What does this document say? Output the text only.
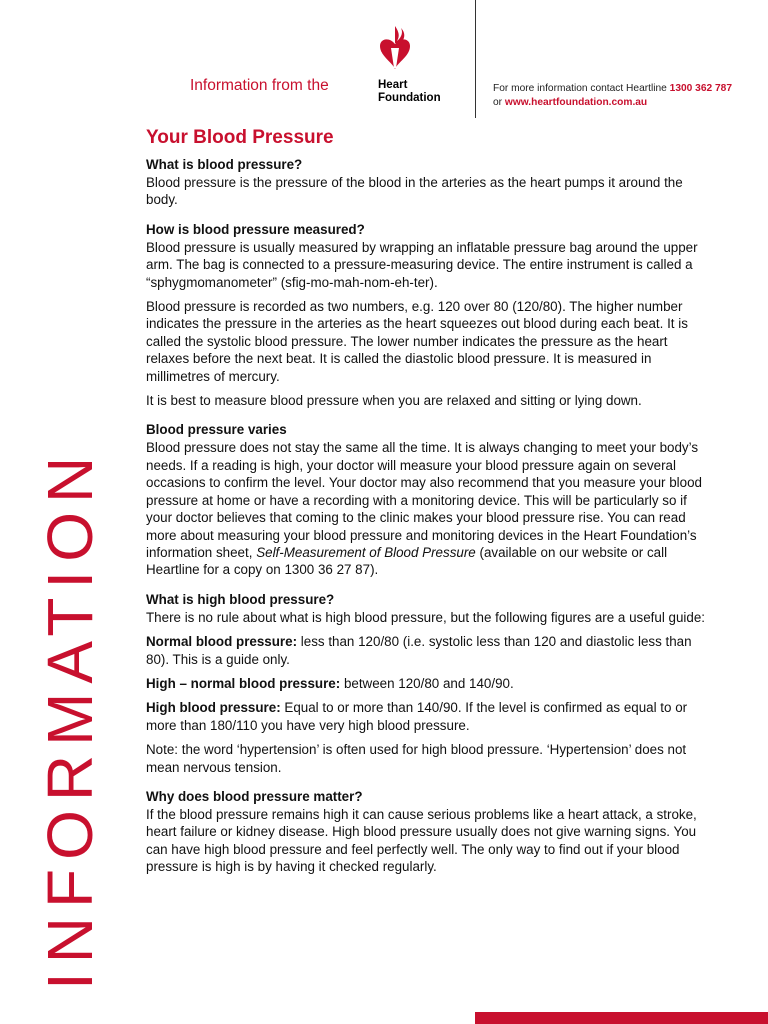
Information from the	Heart
Foundation
For more information contact Heartline 1300 362 787
or www.heartfoundation.com.au
INFORMATION
Your Blood Pressure
What is blood pressure?

Blood pressure is the pressure of the blood in the arteries as the heart pumps it around the body.

How is blood pressure measured?

Blood pressure is usually measured by wrapping an inflatable pressure bag around the upper arm. The bag is connected to a pressure-measuring device. The entire instrument is called a “sphygmomanometer” (sfig-mo-mah-nom-eh-ter).

Blood pressure is recorded as two numbers, e.g. 120 over 80 (120/80). The higher number indicates the pressure in the arteries as the heart squeezes out blood during each beat. It is called the systolic blood pressure. The lower number indicates the pressure as the heart relaxes before the next beat. It is called the diastolic blood pressure. It is measured in millimetres of mercury.

It is best to measure blood pressure when you are relaxed and sitting or lying down.

Blood pressure varies

Blood pressure does not stay the same all the time. It is always changing to meet your body’s needs. If a reading is high, your doctor will measure your blood pressure again on several occasions to confirm the level. Your doctor may also recommend that you measure your blood pressure at home or have a recording with a monitoring device. This will be particularly so if your doctor believes that coming to the clinic makes your blood pressure rise. You can read more about measuring your blood pressure and monitoring devices in the Heart Foundation’s information sheet, Self-Measurement of Blood Pressure (available on our website or call Heartline for a copy on 1300 36 27 87).

What is high blood pressure?

There is no rule about what is high blood pressure, but the following figures are a useful guide:

Normal blood pressure: less than 120/80 (i.e. systolic less than 120 and diastolic less than 80). This is a guide only.

High – normal blood pressure: between 120/80 and 140/90.

High blood pressure: Equal to or more than 140/90. If the level is confirmed as equal to or more than 180/110 you have very high blood pressure.

Note: the word ‘hypertension’ is often used for high blood pressure. ‘Hypertension’ does not mean nervous tension.

Why does blood pressure matter?

If the blood pressure remains high it can cause serious problems like a heart attack, a stroke, heart failure or kidney disease. High blood pressure usually does not give warning signs. You can have high blood pressure and feel perfectly well. The only way to find out if your blood pressure is high is by having it checked regularly.
